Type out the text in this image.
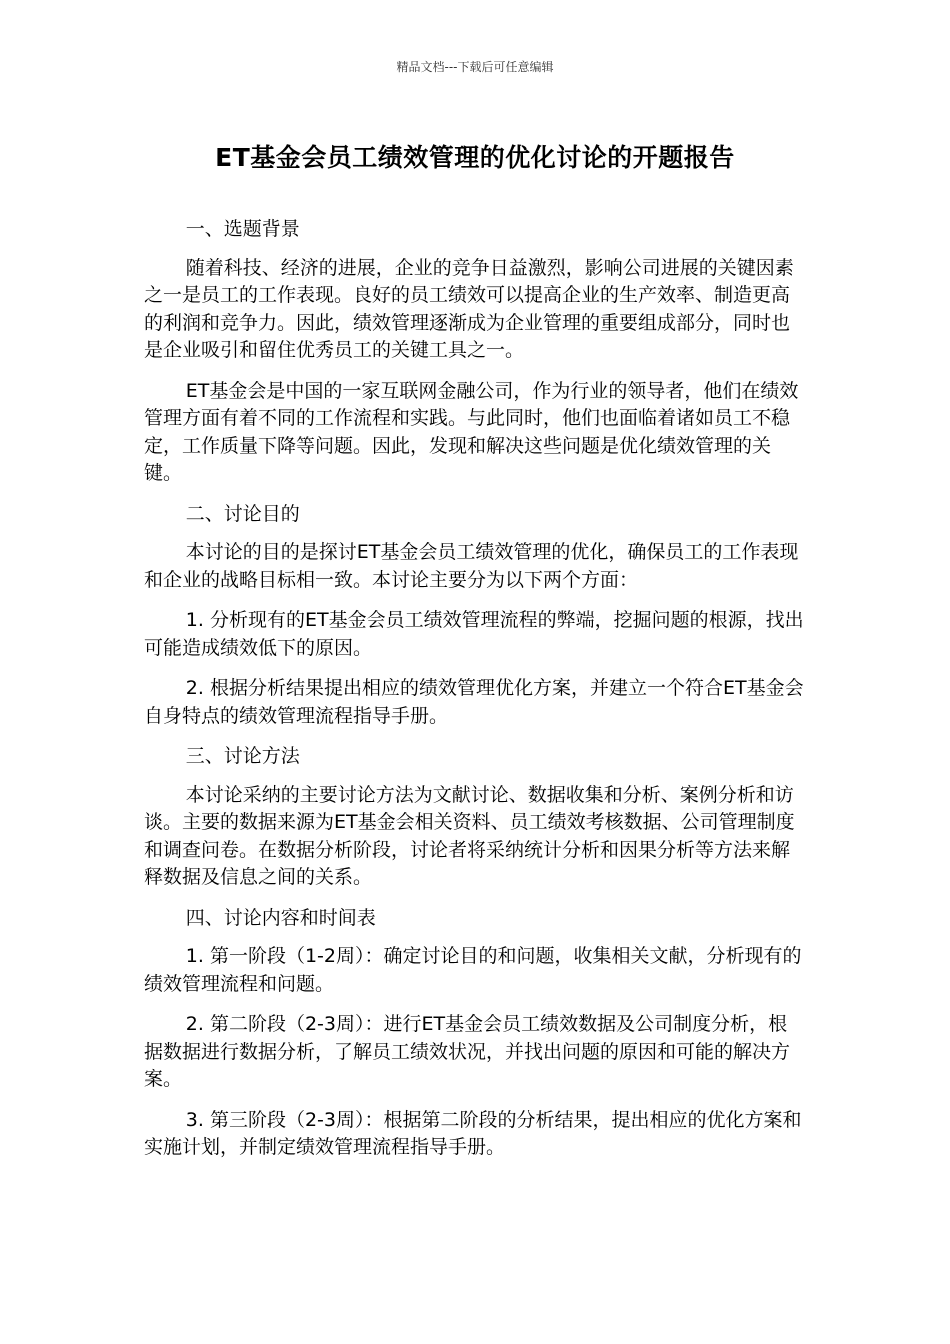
精品文档---下载后可任意编辑
ET基金会员工绩效管理的优化讨论的开题报告

一、选题背景

随着科技、经济的进展，企业的竞争日益激烈，影响公司进展的关键因素之一是员工的工作表现。良好的员工绩效可以提高企业的生产效率、制造更高的利润和竞争力。因此，绩效管理逐渐成为企业管理的重要组成部分，同时也是企业吸引和留住优秀员工的关键工具之一。

ET基金会是中国的一家互联网金融公司，作为行业的领导者，他们在绩效管理方面有着不同的工作流程和实践。与此同时，他们也面临着诸如员工不稳定，工作质量下降等问题。因此，发现和解决这些问题是优化绩效管理的关键。

二、讨论目的

本讨论的目的是探讨ET基金会员工绩效管理的优化，确保员工的工作表现和企业的战略目标相一致。本讨论主要分为以下两个方面：

1. 分析现有的ET基金会员工绩效管理流程的弊端，挖掘问题的根源，找出可能造成绩效低下的原因。

2. 根据分析结果提出相应的绩效管理优化方案，并建立一个符合ET基金会自身特点的绩效管理流程指导手册。

三、讨论方法

本讨论采纳的主要讨论方法为文献讨论、数据收集和分析、案例分析和访谈。主要的数据来源为ET基金会相关资料、员工绩效考核数据、公司管理制度和调查问卷。在数据分析阶段，讨论者将采纳统计分析和因果分析等方法来解释数据及信息之间的关系。

四、讨论内容和时间表

1. 第一阶段（1-2周）：确定讨论目的和问题，收集相关文献，分析现有的绩效管理流程和问题。

2. 第二阶段（2-3周）：进行ET基金会员工绩效数据及公司制度分析，根据数据进行数据分析，了解员工绩效状况，并找出问题的原因和可能的解决方案。

3. 第三阶段（2-3周）：根据第二阶段的分析结果，提出相应的优化方案和实施计划，并制定绩效管理流程指导手册。
